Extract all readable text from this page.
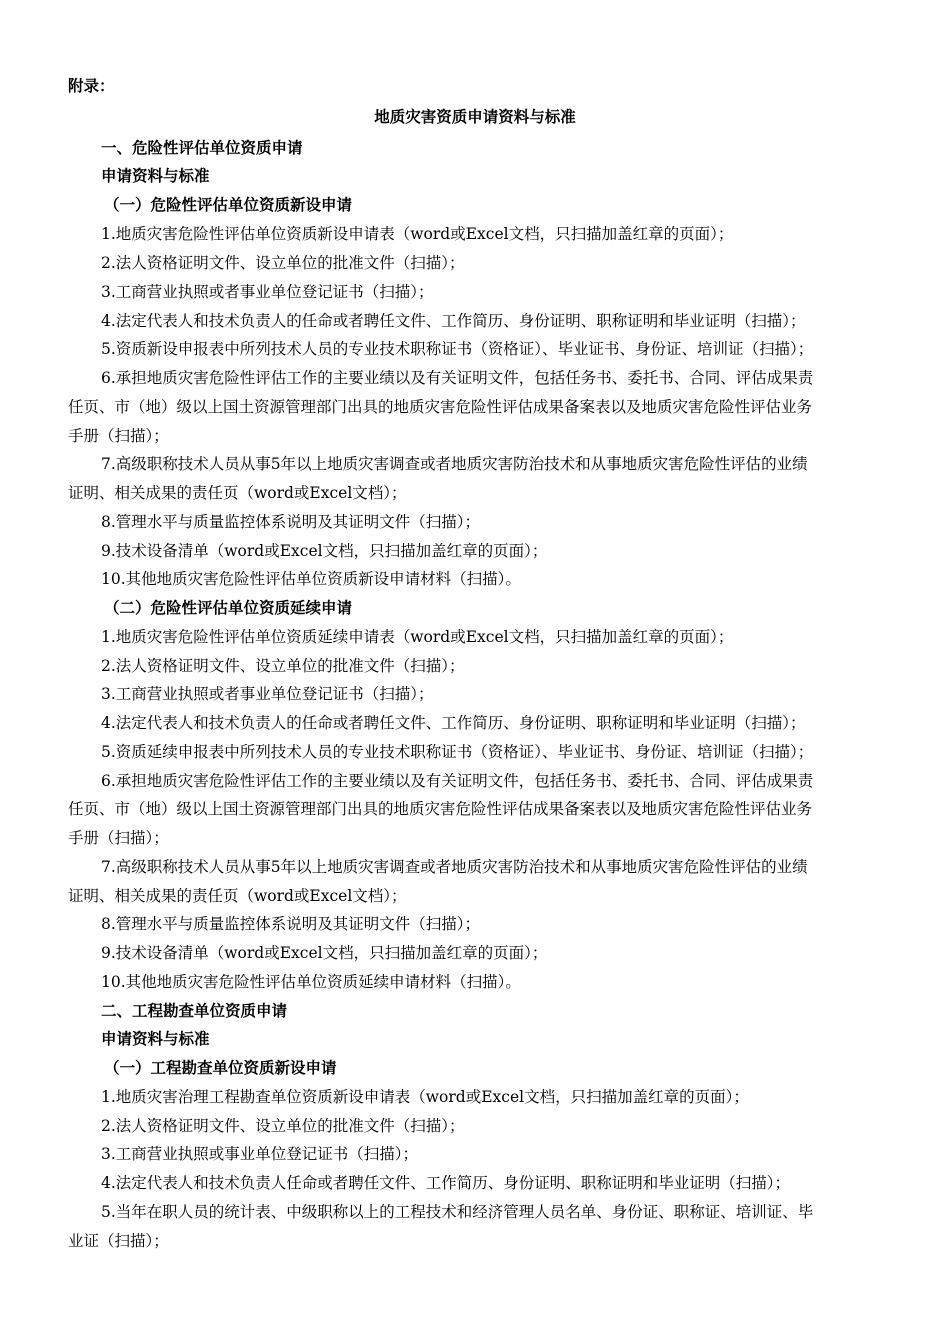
附录：
地质灾害资质申请资料与标准
一、危险性评估单位资质申请
申请资料与标准
（一）危险性评估单位资质新设申请
1.地质灾害危险性评估单位资质新设申请表（word或Excel文档，只扫描加盖红章的页面）；
2.法人资格证明文件、设立单位的批准文件（扫描）；
3.工商营业执照或者事业单位登记证书（扫描）；
4.法定代表人和技术负责人的任命或者聘任文件、工作简历、身份证明、职称证明和毕业证明（扫描）；
5.资质新设申报表中所列技术人员的专业技术职称证书（资格证）、毕业证书、身份证、培训证（扫描）；
6.承担地质灾害危险性评估工作的主要业绩以及有关证明文件，包括任务书、委托书、合同、评估成果责
任页、市（地）级以上国土资源管理部门出具的地质灾害危险性评估成果备案表以及地质灾害危险性评估业务
手册（扫描）；
7.高级职称技术人员从事5年以上地质灾害调查或者地质灾害防治技术和从事地质灾害危险性评估的业绩
证明、相关成果的责任页（word或Excel文档）；
8.管理水平与质量监控体系说明及其证明文件（扫描）；
9.技术设备清单（word或Excel文档，只扫描加盖红章的页面）；
10.其他地质灾害危险性评估单位资质新设申请材料（扫描）。
（二）危险性评估单位资质延续申请
1.地质灾害危险性评估单位资质延续申请表（word或Excel文档，只扫描加盖红章的页面）；
2.法人资格证明文件、设立单位的批准文件（扫描）；
3.工商营业执照或者事业单位登记证书（扫描）；
4.法定代表人和技术负责人的任命或者聘任文件、工作简历、身份证明、职称证明和毕业证明（扫描）；
5.资质延续申报表中所列技术人员的专业技术职称证书（资格证）、毕业证书、身份证、培训证（扫描）；
6.承担地质灾害危险性评估工作的主要业绩以及有关证明文件，包括任务书、委托书、合同、评估成果责
任页、市（地）级以上国土资源管理部门出具的地质灾害危险性评估成果备案表以及地质灾害危险性评估业务
手册（扫描）；
7.高级职称技术人员从事5年以上地质灾害调查或者地质灾害防治技术和从事地质灾害危险性评估的业绩
证明、相关成果的责任页（word或Excel文档）；
8.管理水平与质量监控体系说明及其证明文件（扫描）；
9.技术设备清单（word或Excel文档，只扫描加盖红章的页面）；
10.其他地质灾害危险性评估单位资质延续申请材料（扫描）。
二、工程勘查单位资质申请
申请资料与标准
（一）工程勘查单位资质新设申请
1.地质灾害治理工程勘查单位资质新设申请表（word或Excel文档，只扫描加盖红章的页面）；
2.法人资格证明文件、设立单位的批准文件（扫描）；
3.工商营业执照或事业单位登记证书（扫描）；
4.法定代表人和技术负责人任命或者聘任文件、工作简历、身份证明、职称证明和毕业证明（扫描）；
5.当年在职人员的统计表、中级职称以上的工程技术和经济管理人员名单、身份证、职称证、培训证、毕
业证（扫描）；
